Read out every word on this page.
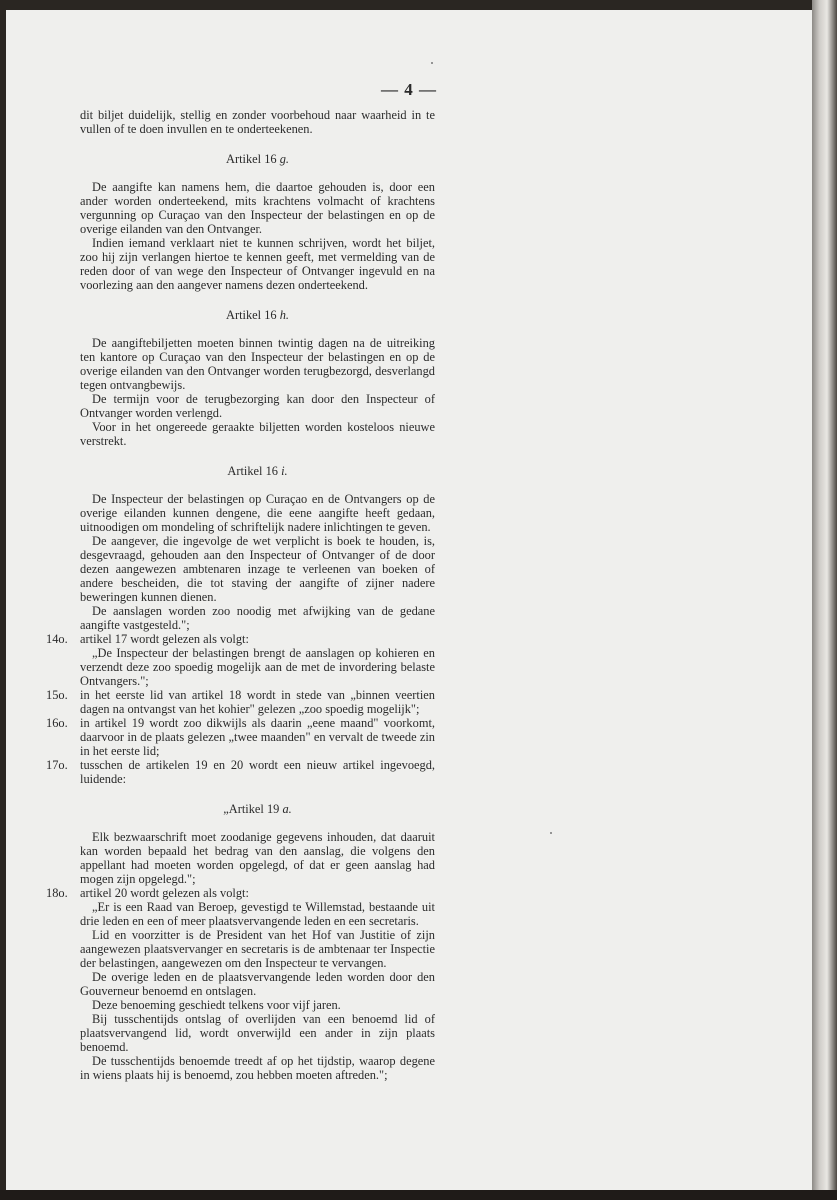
— 4 —

dit biljet duidelijk, stellig en zonder voorbehoud naar waarheid in te vullen of te doen invullen en te onderteekenen.

Artikel 16 g.

De aangifte kan namens hem, die daartoe gehouden is, door een ander worden onderteekend, mits krachtens volmacht of krachtens vergunning op Curaçao van den Inspecteur der belastingen en op de overige eilanden van den Ontvanger.

Indien iemand verklaart niet te kunnen schrijven, wordt het biljet, zoo hij zijn verlangen hiertoe te kennen geeft, met vermelding van de reden door of van wege den Inspecteur of Ontvanger ingevuld en na voorlezing aan den aangever namens dezen onderteekend.

Artikel 16 h.

De aangiftebiljetten moeten binnen twintig dagen na de uitreiking ten kantore op Curaçao van den Inspecteur der belastingen en op de overige eilanden van den Ontvanger worden terugbezorgd, desverlangd tegen ontvangbewijs.

De termijn voor de terugbezorging kan door den Inspecteur of Ontvanger worden verlengd.

Voor in het ongereede geraakte biljetten worden kosteloos nieuwe verstrekt.

Artikel 16 i.

De Inspecteur der belastingen op Curaçao en de Ontvangers op de overige eilanden kunnen dengene, die eene aangifte heeft gedaan, uitnoodigen om mondeling of schriftelijk nadere inlichtingen te geven.

De aangever, die ingevolge de wet verplicht is boek te houden, is, desgevraagd, gehouden aan den Inspecteur of Ontvanger of de door dezen aangewezen ambtenaren inzage te verleenen van boeken of andere bescheiden, die tot staving der aangifte of zijner nadere beweringen kunnen dienen.

De aanslagen worden zoo noodig met afwijking van de gedane aangifte vastgesteld.";

14o. artikel 17 wordt gelezen als volgt:

„De Inspecteur der belastingen brengt de aanslagen op kohieren en verzendt deze zoo spoedig mogelijk aan de met de invordering belaste Ontvangers.";

15o. in het eerste lid van artikel 18 wordt in stede van „binnen veertien dagen na ontvangst van het kohier" gelezen „zoo spoedig mogelijk";

16o. in artikel 19 wordt zoo dikwijls als daarin „eene maand" voorkomt, daarvoor in de plaats gelezen „twee maanden" en vervalt de tweede zin in het eerste lid;

17o. tusschen de artikelen 19 en 20 wordt een nieuw artikel ingevoegd, luidende:

„Artikel 19 a.

Elk bezwaarschrift moet zoodanige gegevens inhouden, dat daaruit kan worden bepaald het bedrag van den aanslag, die volgens den appellant had moeten worden opgelegd, of dat er geen aanslag had mogen zijn opgelegd.";

18o. artikel 20 wordt gelezen als volgt:

„Er is een Raad van Beroep, gevestigd te Willemstad, bestaande uit drie leden en een of meer plaatsvervangende leden en een secretaris.

Lid en voorzitter is de President van het Hof van Justitie of zijn aangewezen plaatsvervanger en secretaris is de ambtenaar ter Inspectie der belastingen, aangewezen om den Inspecteur te vervangen.

De overige leden en de plaatsvervangende leden worden door den Gouverneur benoemd en ontslagen.

Deze benoeming geschiedt telkens voor vijf jaren.

Bij tusschentijds ontslag of overlijden van een benoemd lid of plaatsvervangend lid, wordt onverwijld een ander in zijn plaats benoemd.

De tusschentijds benoemde treedt af op het tijdstip, waarop degene in wiens plaats hij is benoemd, zou hebben moeten aftreden.";
